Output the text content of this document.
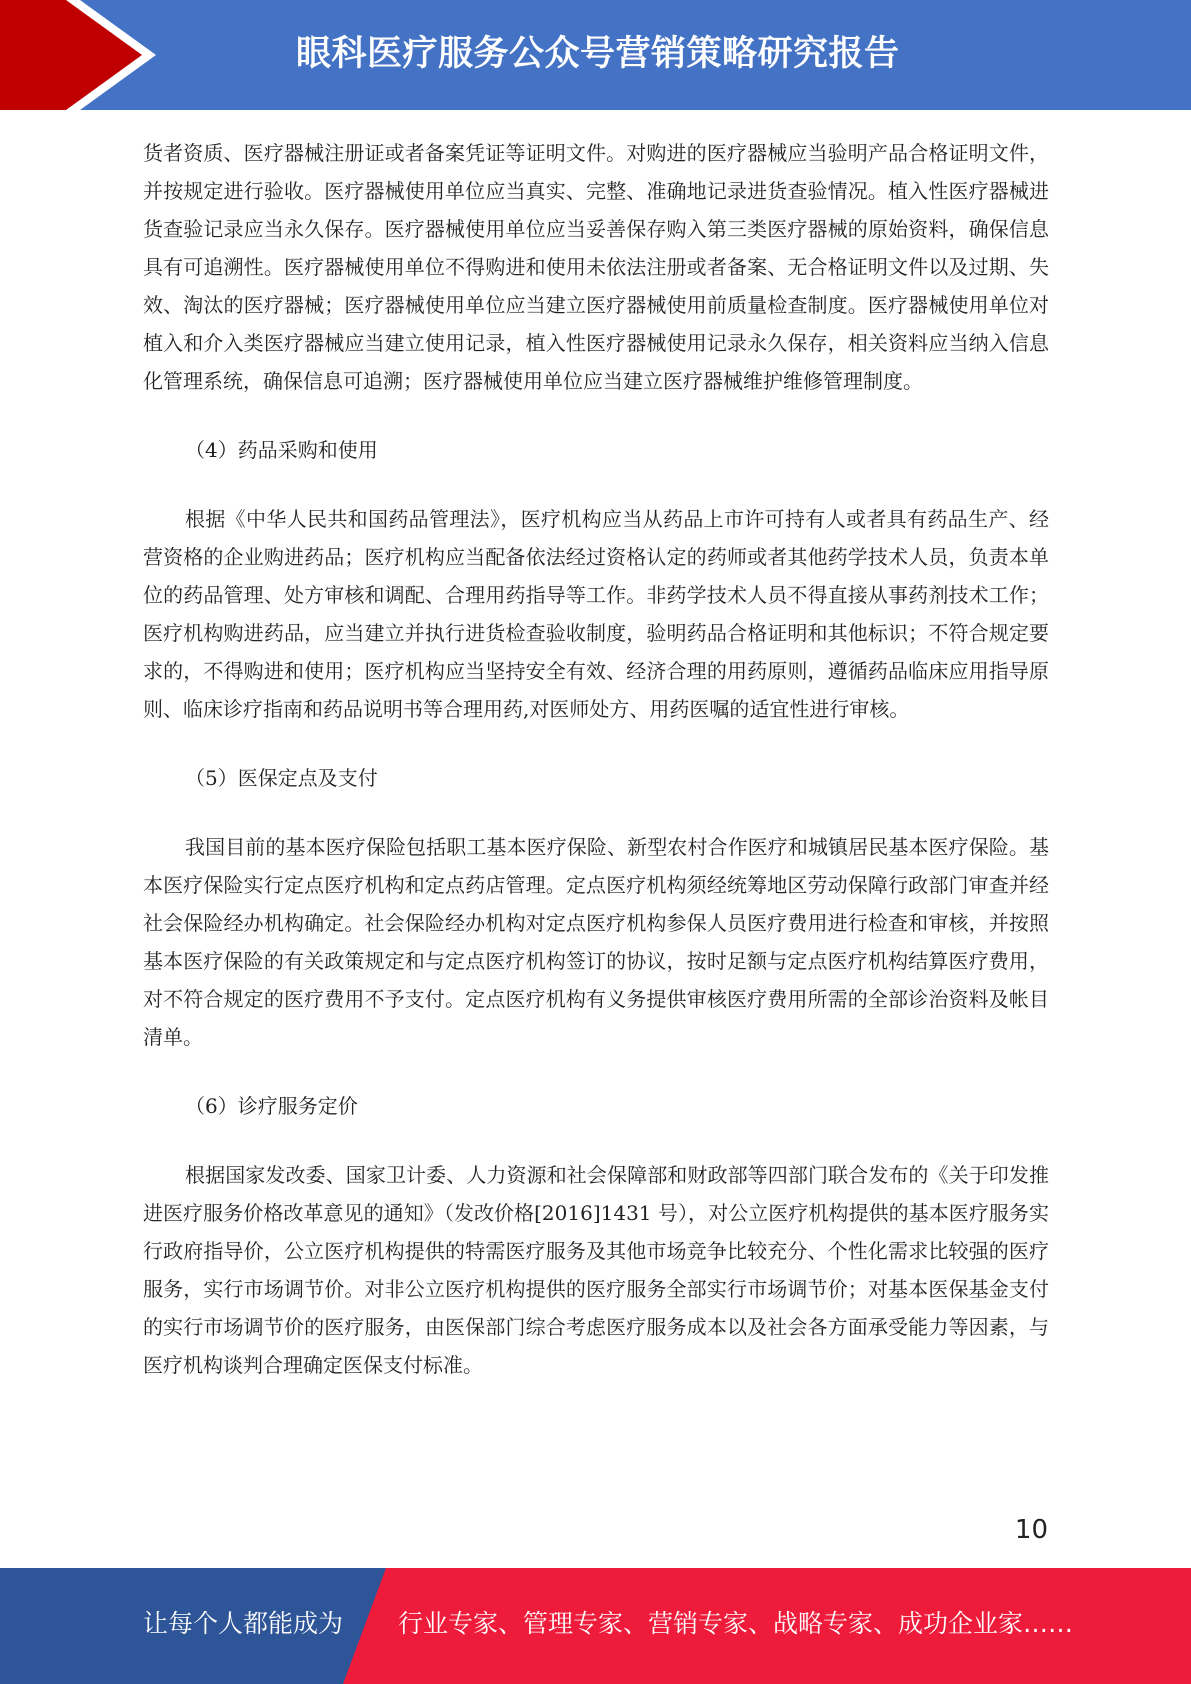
眼科医疗服务公众号营销策略研究报告

货者资质、医疗器械注册证或者备案凭证等证明文件。对购进的医疗器械应当验明产品合格证明文件，并按规定进行验收。医疗器械使用单位应当真实、完整、准确地记录进货查验情况。植入性医疗器械进货查验记录应当永久保存。医疗器械使用单位应当妥善保存购入第三类医疗器械的原始资料，确保信息具有可追溯性。医疗器械使用单位不得购进和使用未依法注册或者备案、无合格证明文件以及过期、失效、淘汰的医疗器械；医疗器械使用单位应当建立医疗器械使用前质量检查制度。医疗器械使用单位对植入和介入类医疗器械应当建立使用记录，植入性医疗器械使用记录永久保存，相关资料应当纳入信息化管理系统，确保信息可追溯；医疗器械使用单位应当建立医疗器械维护维修管理制度。

（4）药品采购和使用

根据《中华人民共和国药品管理法》，医疗机构应当从药品上市许可持有人或者具有药品生产、经营资格的企业购进药品；医疗机构应当配备依法经过资格认定的药师或者其他药学技术人员，负责本单位的药品管理、处方审核和调配、合理用药指导等工作。非药学技术人员不得直接从事药剂技术工作；医疗机构购进药品，应当建立并执行进货检查验收制度，验明药品合格证明和其他标识；不符合规定要求的，不得购进和使用；医疗机构应当坚持安全有效、经济合理的用药原则，遵循药品临床应用指导原则、临床诊疗指南和药品说明书等合理用药,对医师处方、用药医嘱的适宜性进行审核。

（5）医保定点及支付

我国目前的基本医疗保险包括职工基本医疗保险、新型农村合作医疗和城镇居民基本医疗保险。基本医疗保险实行定点医疗机构和定点药店管理。定点医疗机构须经统筹地区劳动保障行政部门审查并经社会保险经办机构确定。社会保险经办机构对定点医疗机构参保人员医疗费用进行检查和审核，并按照基本医疗保险的有关政策规定和与定点医疗机构签订的协议，按时足额与定点医疗机构结算医疗费用，对不符合规定的医疗费用不予支付。定点医疗机构有义务提供审核医疗费用所需的全部诊治资料及帐目清单。

（6）诊疗服务定价

根据国家发改委、国家卫计委、人力资源和社会保障部和财政部等四部门联合发布的《关于印发推进医疗服务价格改革意见的通知》（发改价格[2016]1431 号），对公立医疗机构提供的基本医疗服务实行政府指导价，公立医疗机构提供的特需医疗服务及其他市场竞争比较充分、个性化需求比较强的医疗服务，实行市场调节价。对非公立医疗机构提供的医疗服务全部实行市场调节价；对基本医保基金支付的实行市场调节价的医疗服务，由医保部门综合考虑医疗服务成本以及社会各方面承受能力等因素，与医疗机构谈判合理确定医保支付标准。

10
让每个人都能成为 行业专家、管理专家、营销专家、战略专家、成功企业家……
